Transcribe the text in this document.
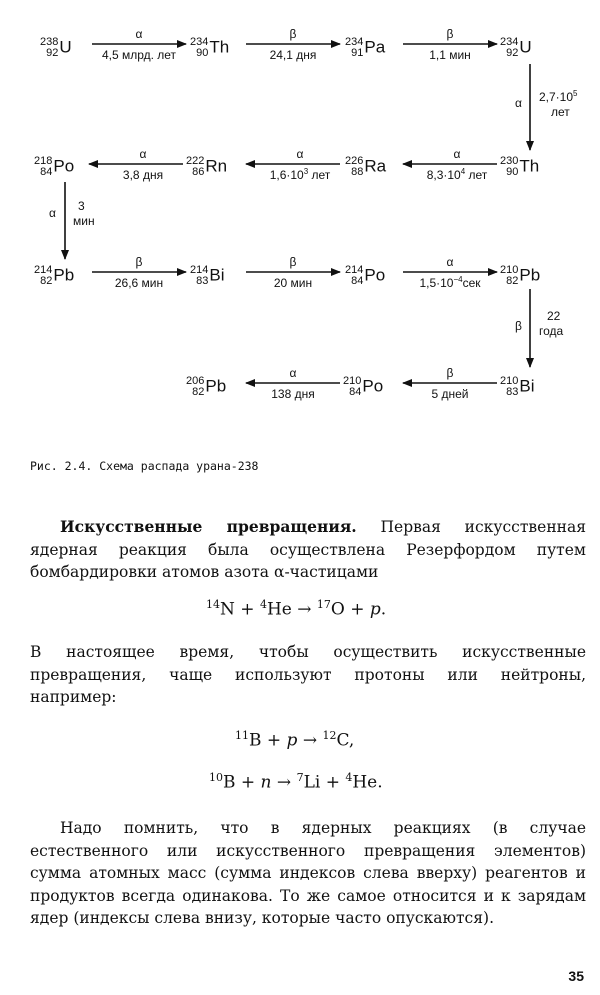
238
92 U	234
90 Th	234
91 Pa	234
92 U
230
90 Th
226
88 Ra
222
86 Rn
218
84 Po
214
82 Pb	214
83 Bi	214
84 Po	210
82 Pb
210
83 Bi
210
84 Po
206
82 Pb
α
4,5 млрд. лет
β
24,1 дня
β
1,1 мин
α $2,7\cdot 10^5$
лет
α
$8,3\cdot 10^4$ лет
α
$1,6\cdot 10^3$ лет
α
3,8 дня
α 3
мин
β
26,6 мин
β
20 мин
α
$1,5\cdot 10^{-4}сек$
β
22
года
β
5 дней
α
138 дня
Рис. 2.4. Схема распада урана-238
Искусственные превращения. Первая искусственная ядерная реакция была осуществлена Резерфордом путем бомбардировки атомов азота α-частицами
$^{14}$N + $^4$He → $^{17}$O + p.
В настоящее время, чтобы осуществить искусственные превращения, чаще используют протоны или нейтроны, например:
$^{11}$B + p → $^{12}$C,
$^{10}$B + n → $^7$Li + $^4$He.
Надо помнить, что в ядерных реакциях (в случае естественного или искусственного превращения элементов) сумма атомных масс (сумма индексов слева вверху) реагентов и продуктов всегда одинакова. То же самое относится и к зарядам ядер (индексы слева внизу, которые часто опускаются).
35
